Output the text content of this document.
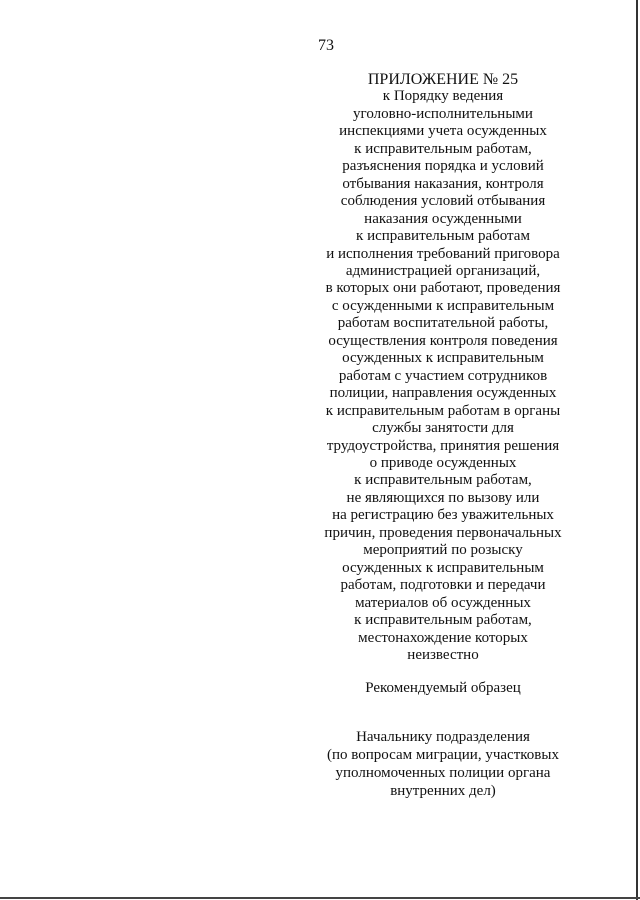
73
ПРИЛОЖЕНИЕ № 25
к Порядку ведения
уголовно-исполнительными
инспекциями учета осужденных
к исправительным работам,
разъяснения порядка и условий
отбывания наказания, контроля
соблюдения условий отбывания
наказания осужденными
к исправительным работам
и исполнения требований приговора
администрацией организаций,
в которых они работают, проведения
с осужденными к исправительным
работам воспитательной работы,
осуществления контроля поведения
осужденных к исправительным
работам с участием сотрудников
полиции, направления осужденных
к исправительным работам в органы
службы занятости для
трудоустройства, принятия решения
о приводе осужденных
к исправительным работам,
не являющихся по вызову или
на регистрацию без уважительных
причин, проведения первоначальных
мероприятий по розыску
осужденных к исправительным
работам, подготовки и передачи
материалов об осужденных
к исправительным работам,
местонахождение которых
неизвестно
Рекомендуемый образец
Начальнику подразделения
(по вопросам миграции, участковых
уполномоченных полиции органа
внутренних дел)
